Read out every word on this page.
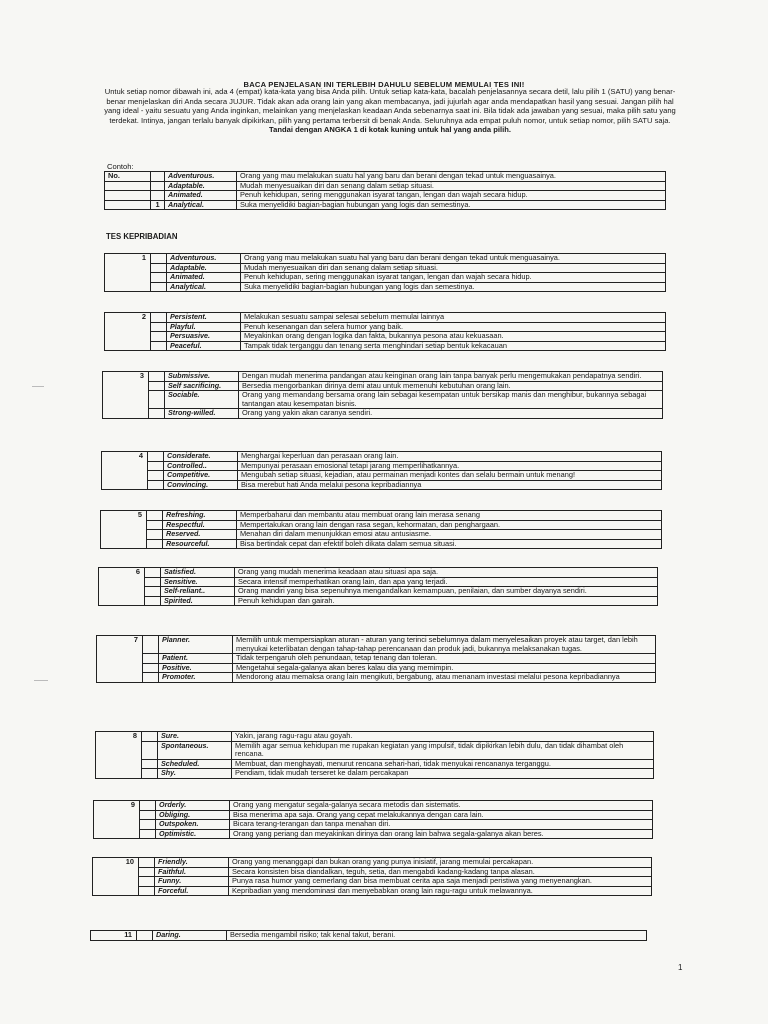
BACA PENJELASAN INI TERLEBIH DAHULU SEBELUM MEMULAI TES INI!
Untuk setiap nomor dibawah ini, ada 4 (empat) kata-kata yang bisa Anda pilih. Untuk setiap kata-kata, bacalah penjelasannya secara detil, lalu pilih 1 (SATU) yang benar-benar menjelaskan diri Anda secara JUJUR. Tidak akan ada orang lain yang akan membacanya, jadi jujurlah agar anda mendapatkan hasil yang sesuai. Jangan pilih hal yang ideal - yaitu sesuatu yang Anda inginkan, melainkan yang menjelaskan keadaan Anda sebenarnya saat ini. Bila tidak ada jawaban yang sesuai, maka pilih satu yang terdekat. Intinya, jangan terlalu banyak dipikirkan, pilih yang pertama terbersit di benak Anda. Seluruhnya ada empat puluh nomor, untuk setiap nomor, pilih SATU saja. Tandai dengan ANGKA 1 di kotak kuning untuk hal yang anda pilih.
Contoh:
No.		Adventurous.	Orang yang mau melakukan suatu hal yang baru dan berani dengan tekad untuk menguasainya.
		Adaptable.	Mudah menyesuaikan diri dan senang dalam setiap situasi.
		Animated.	Penuh kehidupan, sering menggunakan isyarat tangan, lengan dan wajah secara hidup.
	1	Analytical.	Suka menyelidiki bagian-bagian hubungan yang logis dan semestinya.
TES KEPRIBADIAN
1		Adventurous.	Orang yang mau melakukan suatu hal yang baru dan berani dengan tekad untuk menguasainya.
		Adaptable.	Mudah menyesuaikan diri dan senang dalam setiap situasi.
		Animated.	Penuh kehidupan, sering menggunakan isyarat tangan, lengan dan wajah secara hidup.
		Analytical.	Suka menyelidiki bagian-bagian hubungan yang logis dan semestinya.
2		Persistent.	Melakukan sesuatu sampai selesai sebelum memulai lainnya
		Playful.	Penuh kesenangan dan selera humor yang baik.
		Persuasive.	Meyakinkan orang dengan logika dan fakta, bukannya pesona atau kekuasaan.
		Peaceful.	Tampak tidak terganggu dan tenang serta menghindari setiap bentuk kekacauan
3		Submissive.	Dengan mudah menerima pandangan atau keinginan orang lain tanpa banyak perlu mengemukakan pendapatnya sendiri.
		Self sacrificing.	Bersedia mengorbankan dirinya demi atau untuk memenuhi kebutuhan orang lain.
		Sociable.	Orang yang memandang bersama orang lain sebagai kesempatan untuk bersikap manis dan menghibur, bukannya sebagai tantangan atau kesempatan bisnis.
		Strong-willed.	Orang yang yakin akan caranya sendiri.
4		Considerate.	Menghargai keperluan dan perasaan orang lain.
		Controlled..	Mempunyai perasaan emosional tetapi jarang memperlihatkannya.
		Competitive.	Mengubah setiap situasi, kejadian, atau permainan menjadi kontes dan selalu bermain untuk menang!
		Convincing.	Bisa merebut hati Anda melalui pesona kepribadiannya
5		Refreshing.	Memperbaharui dan membantu atau membuat orang lain merasa senang
		Respectful.	Mempertakukan orang lain dengan rasa segan, kehormatan, dan penghargaan.
		Reserved.	Menahan diri dalam menunjukkan emosi atau antusiasme.
		Resourceful.	Bisa bertindak cepat dan efektif boleh dikata dalam semua situasi.
6		Satisfied.	Orang yang mudah menerima keadaan atau situasi apa saja.
		Sensitive.	Secara intensif memperhatikan orang lain, dan apa yang terjadi.
		Self-reliant..	Orang mandiri yang bisa sepenuhnya mengandalkan kemampuan, penilaian, dan sumber dayanya sendiri.
		Spirited.	Penuh kehidupan dan gairah.
7		Planner.	Memilih untuk mempersiapkan aturan - aturan yang terinci sebelumnya dalam menyelesaikan proyek atau target, dan lebih menyukai keterlibatan dengan tahap-tahap perencanaan dan produk jadi, bukannya melaksanakan tugas.
		Patient.	Tidak terpengaruh oleh penundaan, tetap tenang dan toleran.
		Positive.	Mengetahui segala-galanya akan beres kalau dia yang memimpin.
		Promoter.	Mendorong atau memaksa orang lain mengikuti, bergabung, atau menanam investasi melalui pesona kepribadiannya
8		Sure.	Yakin, jarang ragu-ragu atau goyah.
		Spontaneous.	Memilih agar semua kehidupan me rupakan kegiatan yang impulsif, tidak dipikirkan lebih dulu, dan tidak dihambat oleh rencana.
		Scheduled.	Membuat, dan menghayati, menurut rencana sehari-hari, tidak menyukai rencananya terganggu.
		Shy.	Pendiam, tidak mudah terseret ke dalam percakapan
9		Orderly.	Orang yang mengatur segala-galanya secara metodis dan sistematis.
		Obliging.	Bisa menerima apa saja. Orang yang cepat melakukannya dengan cara lain.
		Outspoken.	Bicara terang-terangan dan tanpa menahan diri.
		Optimistic.	Orang yang periang dan meyakinkan dirinya dan orang lain bahwa segala-galanya akan beres.
10		Friendly.	Orang yang menanggapi dan bukan orang yang punya inisiatif, jarang memulai percakapan.
		Faithful.	Secara konsisten bisa diandalkan, teguh, setia, dan mengabdi kadang-kadang tanpa alasan.
		Funny.	Punya rasa humor yang cemerlang dan bisa membuat cerita apa saja menjadi peristiwa yang menyenangkan.
		Forceful.	Kepribadian yang mendominasi dan menyebabkan orang lain ragu-ragu untuk melawannya.
11		Daring.	Bersedia mengambil risiko; tak kenal takut, berani.
1
